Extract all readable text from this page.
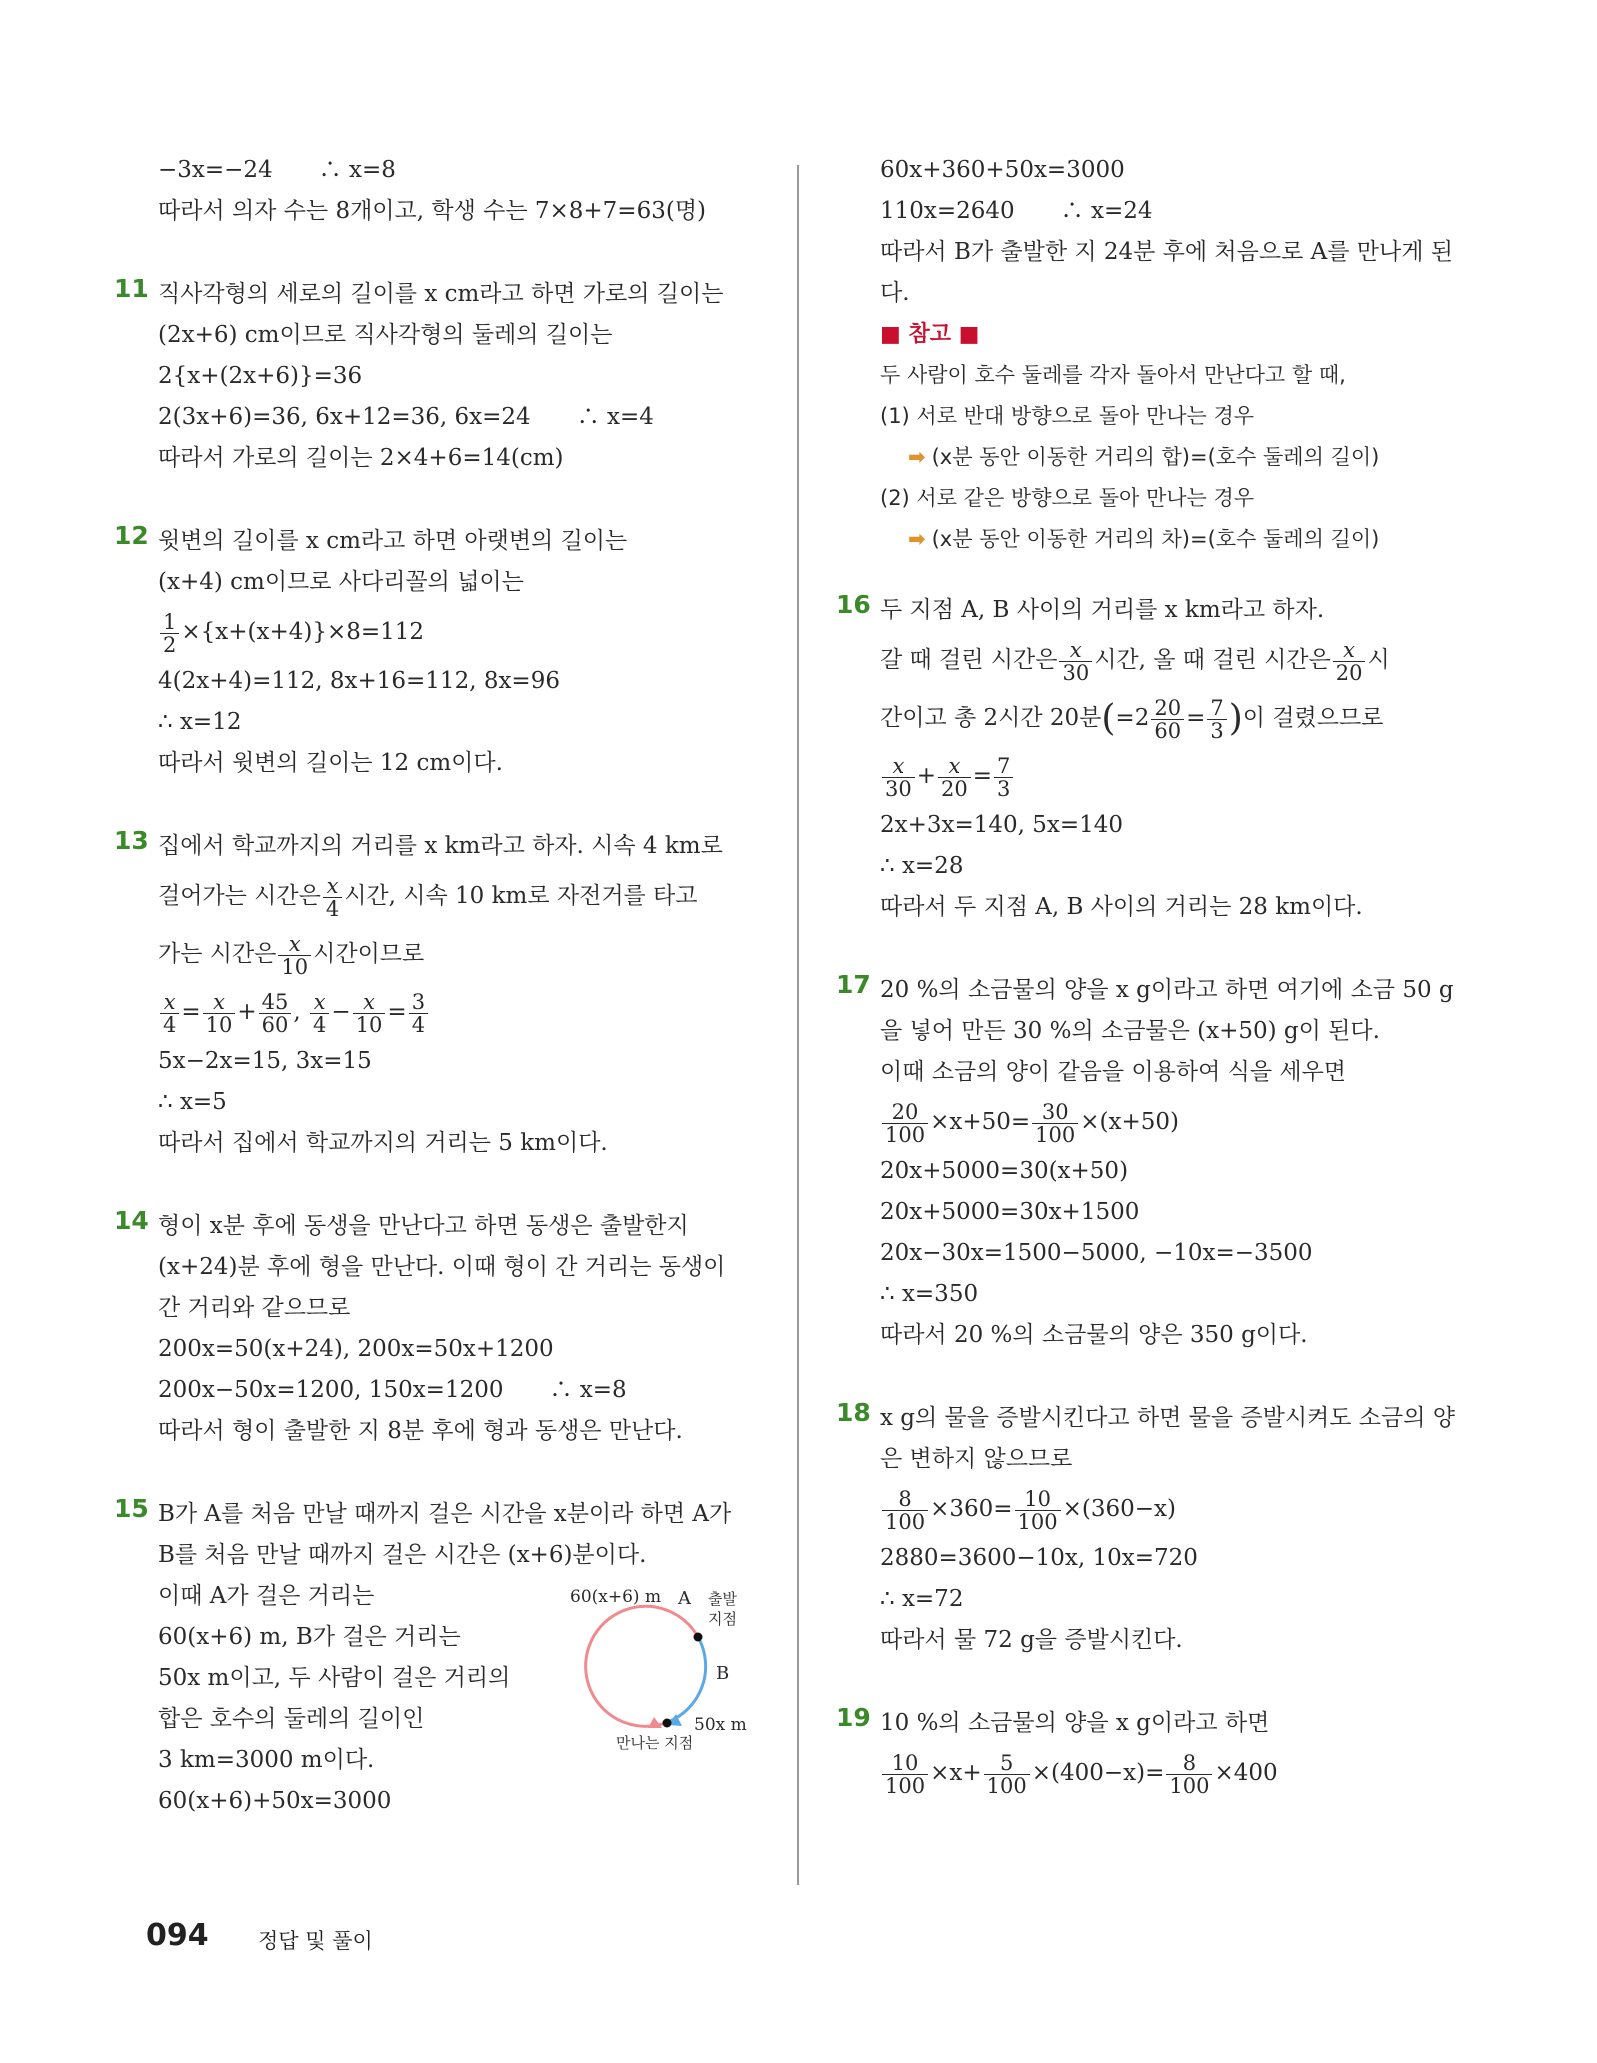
−3x=−24　　∴ x=8
따라서 의자 수는 8개이고, 학생 수는 7×8+7=63(명)
11 직사각형의 세로의 길이를 x cm라고 하면 가로의 길이는
(2x+6) cm이므로 직사각형의 둘레의 길이는
2{x+(2x+6)}=36
2(3x+6)=36, 6x+12=36, 6x=24　　∴ x=4
따라서 가로의 길이는 2×4+6=14(cm)
12 윗변의 길이를 x cm라고 하면 아랫변의 길이는
(x+4) cm이므로 사다리꼴의 넓이는
$\frac{1}{2} \times\{x+(x+4)\}\times 8=112$
4(2x+4)=112, 8x+16=112, 8x=96
∴ x=12
따라서 윗변의 길이는 12 cm이다.
13 집에서 학교까지의 거리를 x km라고 하자. 시속 4 km로
걸어가는 시간은 $\frac{x}{4}$ 시간, 시속 10 km로 자전거를 타고
가는 시간은 $\frac{x}{10}$ 시간이므로
$\frac{x}{4} = \frac{x}{10} + \frac{45}{60}$ , $\frac{x}{4} - \frac{x}{10} = \frac{3}{4}$
5x−2x=15, 3x=15
∴ x=5
따라서 집에서 학교까지의 거리는 5 km이다.
14 형이 x분 후에 동생을 만난다고 하면 동생은 출발한지
(x+24)분 후에 형을 만난다. 이때 형이 간 거리는 동생이
간 거리와 같으므로
200x=50(x+24), 200x=50x+1200
200x−50x=1200, 150x=1200　　∴ x=8
따라서 형이 출발한 지 8분 후에 형과 동생은 만난다.
15 B가 A를 처음 만날 때까지 걸은 시간을 x분이라 하면 A가
B를 처음 만날 때까지 걸은 시간은 (x+6)분이다.
이때 A가 걸은 거리는
60(x+6) m, B가 걸은 거리는
50x m이고, 두 사람이 걸은 거리의
합은 호수의 둘레의 길이인
3 km=3000 m이다.
60(x+6)+50x=3000
60(x+6) m A 출발
지점
B
50x m
만나는 지점
60x+360+50x=3000
110x=2640　　∴ x=24
따라서 B가 출발한 지 24분 후에 처음으로 A를 만나게 된
다.
■ 참고 ■
두 사람이 호수 둘레를 각자 돌아서 만난다고 할 때,
(1) 서로 반대 방향으로 돌아 만나는 경우
➡ (x분 동안 이동한 거리의 합)=(호수 둘레의 길이)
(2) 서로 같은 방향으로 돌아 만나는 경우
➡ (x분 동안 이동한 거리의 차)=(호수 둘레의 길이)
16 두 지점 A, B 사이의 거리를 x km라고 하자.
갈 때 걸린 시간은 $\frac{x}{30}$ 시간, 올 때 걸린 시간은 $\frac{x}{20}$ 시
간이고 총 2시간 20분($=2 \frac{20}{60} = \frac{7}{3}$ )이 걸렸으므로
$\frac{x}{30} + \frac{x}{20} = \frac{7}{3}$
2x+3x=140, 5x=140
∴ x=28
따라서 두 지점 A, B 사이의 거리는 28 km이다.
17 20 %의 소금물의 양을 x g이라고 하면 여기에 소금 50 g
을 넣어 만든 30 %의 소금물은 (x+50) g이 된다.
이때 소금의 양이 같음을 이용하여 식을 세우면
$\frac{20}{100} \times x+50= \frac{30}{100} \times(x+50)$
20x+5000=30(x+50)
20x+5000=30x+1500
20x−30x=1500−5000, −10x=−3500
∴ x=350
따라서 20 %의 소금물의 양은 350 g이다.
18 x g의 물을 증발시킨다고 하면 물을 증발시켜도 소금의 양
은 변하지 않으므로
$\frac{8}{100} \times 360= \frac{10}{100} \times(360-x)$
2880=3600−10x, 10x=720
∴ x=72
따라서 물 72 g을 증발시킨다.
19 10 %의 소금물의 양을 x g이라고 하면
$\frac{10}{100} \times x+ \frac{5}{100} \times(400-x)= \frac{8}{100} \times 400$
094 정답 및 풀이
